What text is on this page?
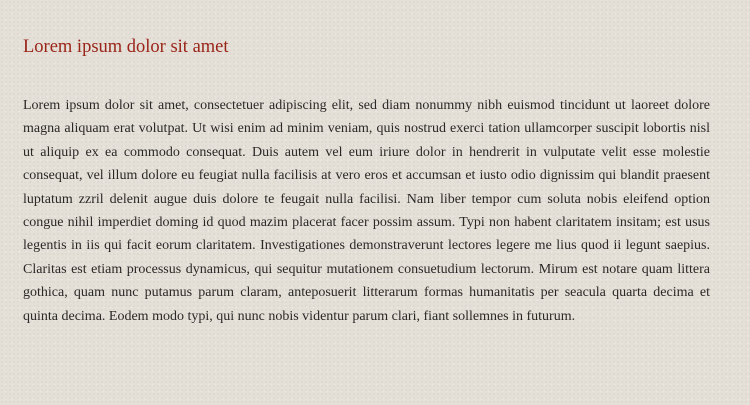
Lorem ipsum dolor sit amet

Lorem ipsum dolor sit amet, consectetuer adipiscing elit, sed diam nonummy nibh euismod tincidunt ut laoreet dolore magna aliquam erat volutpat. Ut wisi enim ad minim veniam, quis nostrud exerci tation ullamcorper suscipit lobortis nisl ut aliquip ex ea commodo consequat. Duis autem vel eum iriure dolor in hendrerit in vulputate velit esse molestie consequat, vel illum dolore eu feugiat nulla facilisis at vero eros et accumsan et iusto odio dignissim qui blandit praesent luptatum zzril delenit augue duis dolore te feugait nulla facilisi. Nam liber tempor cum soluta nobis eleifend option congue nihil imperdiet doming id quod mazim placerat facer possim assum. Typi non habent claritatem insitam; est usus legentis in iis qui facit eorum claritatem. Investigationes demonstraverunt lectores legere me lius quod ii legunt saepius. Claritas est etiam processus dynamicus, qui sequitur mutationem consuetudium lectorum. Mirum est notare quam littera gothica, quam nunc putamus parum claram, anteposuerit litterarum formas humanitatis per seacula quarta decima et quinta decima. Eodem modo typi, qui nunc nobis videntur parum clari, fiant sollemnes in futurum.
